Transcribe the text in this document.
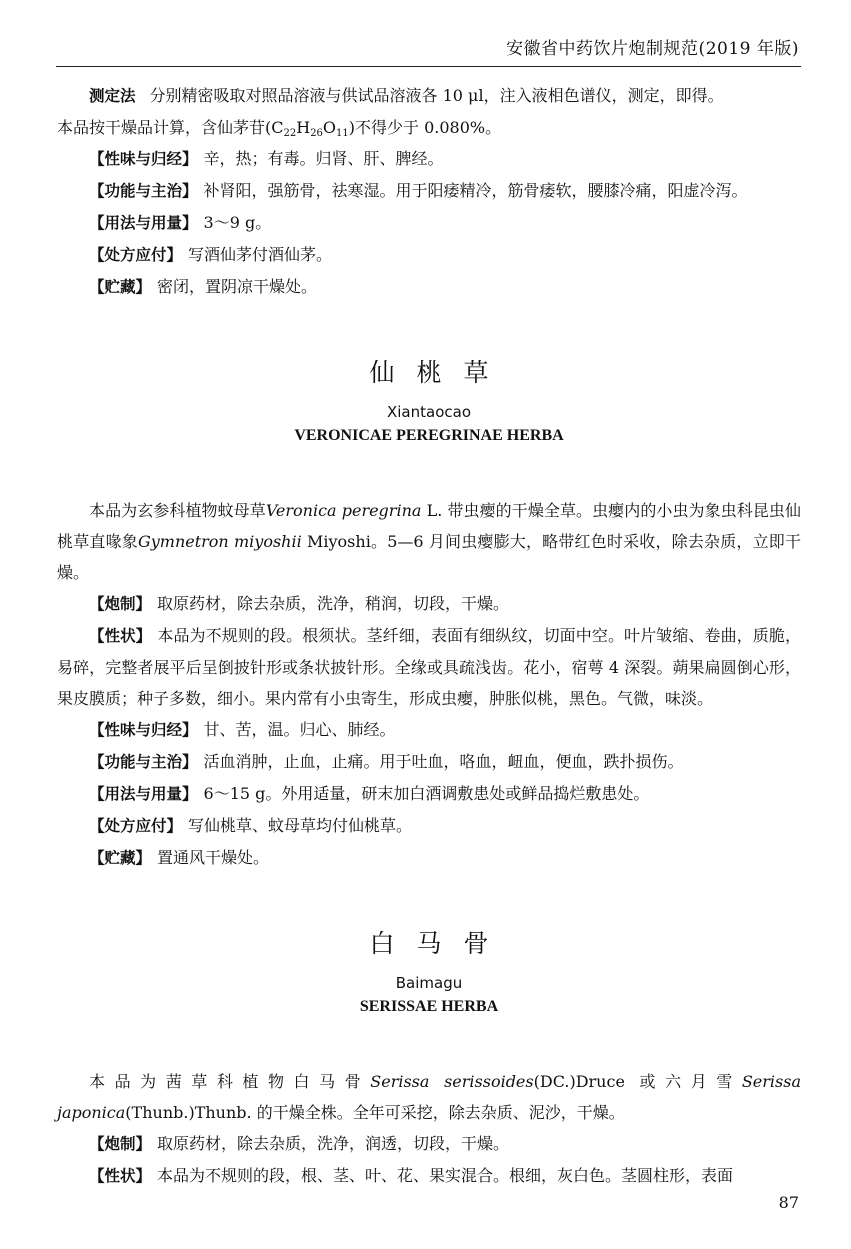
安徽省中药饮片炮制规范(2019 年版)

测定法 分别精密吸取对照品溶液与供试品溶液各 10 μl，注入液相色谱仪，测定，即得。
本品按干燥品计算，含仙茅苷$(C_{22}H_{26}O_{11})$不得少于 0.080%。

【性味与归经】 辛，热；有毒。归肾、肝、脾经。

【功能与主治】 补肾阳，强筋骨，祛寒湿。用于阳痿精冷，筋骨痿软，腰膝冷痛，阳虚冷泻。

【用法与用量】 3～9 g。

【处方应付】 写酒仙茅付酒仙茅。

【贮藏】 密闭，置阴凉干燥处。

仙桃草
Xiantaocao
VERONICAE PEREGRINAE HERBA

本品为玄参科植物蚊母草Veronica peregrina L. 带虫瘿的干燥全草。虫瘿内的小虫为象虫科昆虫仙桃草直喙象Gymnetron miyoshii Miyoshi。5—6 月间虫瘿膨大，略带红色时采收，除去杂质，立即干燥。

【炮制】 取原药材，除去杂质，洗净，稍润，切段，干燥。

【性状】 本品为不规则的段。根须状。茎纤细，表面有细纵纹，切面中空。叶片皱缩、卷曲，质脆，易碎，完整者展平后呈倒披针形或条状披针形。全缘或具疏浅齿。花小，宿萼 4 深裂。蒴果扁圆倒心形，果皮膜质；种子多数，细小。果内常有小虫寄生，形成虫瘿，肿胀似桃，黑色。气微，味淡。

【性味与归经】 甘、苦，温。归心、肺经。

【功能与主治】 活血消肿，止血，止痛。用于吐血，咯血，衄血，便血，跌扑损伤。

【用法与用量】 6～15 g。外用适量，研末加白酒调敷患处或鲜品捣烂敷患处。

【处方应付】 写仙桃草、蚊母草均付仙桃草。

【贮藏】 置通风干燥处。

白马骨
Baimagu
SERISSAE HERBA

本品为茜草科植物白马骨Serissa serissoides(DC.)Druce 或六月雪Serissa japonica(Thunb.)Thunb. 的干燥全株。全年可采挖，除去杂质、泥沙，干燥。

【炮制】 取原药材，除去杂质，洗净，润透，切段，干燥。

【性状】 本品为不规则的段，根、茎、叶、花、果实混合。根细，灰白色。茎圆柱形，表面

87
